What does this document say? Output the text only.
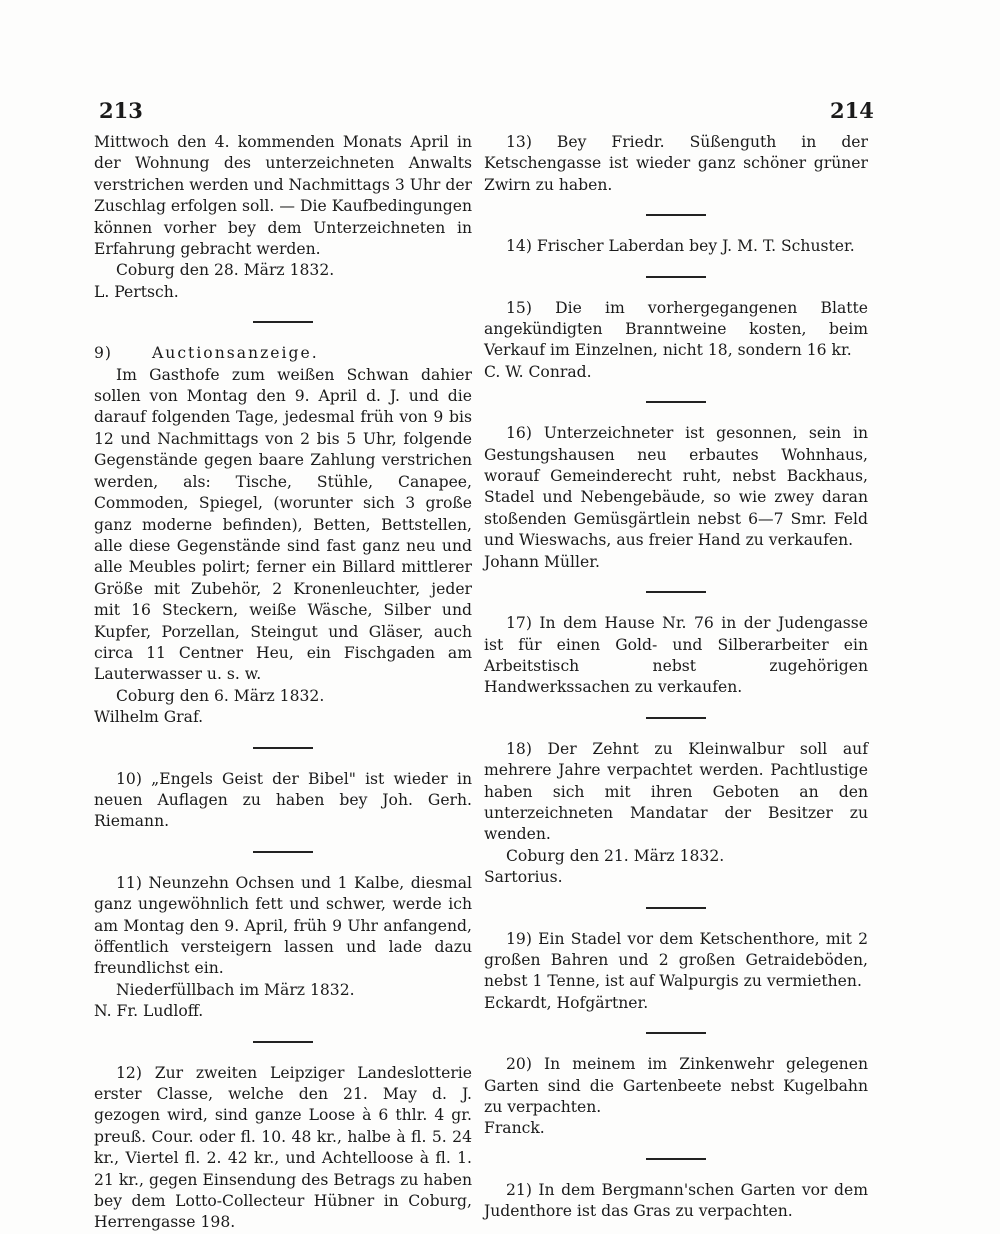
213	214

Mittwoch den 4. kommenden Monats April in der Wohnung des unterzeichneten Anwalts verstrichen werden und Nachmittags 3 Uhr der Zuschlag erfolgen soll. — Die Kaufbedingungen können vorher bey dem Unterzeichneten in Erfahrung gebracht werden.

Coburg den 28. März 1832.

L. Pertsch.

9)	Auctionsanzeige.

Im Gasthofe zum weißen Schwan dahier sollen von Montag den 9. April d. J. und die darauf folgenden Tage, jedesmal früh von 9 bis 12 und Nachmittags von 2 bis 5 Uhr, folgende Gegenstände gegen baare Zahlung verstrichen werden, als: Tische, Stühle, Canapee, Commoden, Spiegel, (worunter sich 3 große ganz moderne befinden), Betten, Bettstellen, alle diese Gegenstände sind fast ganz neu und alle Meubles polirt; ferner ein Billard mittlerer Größe mit Zubehör, 2 Kronenleuchter, jeder mit 16 Steckern, weiße Wäsche, Silber und Kupfer, Porzellan, Steingut und Gläser, auch circa 11 Centner Heu, ein Fischgaden am Lauterwasser u. s. w.

Coburg den 6. März 1832.

Wilhelm Graf.

10) „Engels Geist der Bibel" ist wieder in neuen Auflagen zu haben bey Joh. Gerh. Riemann.

11) Neunzehn Ochsen und 1 Kalbe, diesmal ganz ungewöhnlich fett und schwer, werde ich am Montag den 9. April, früh 9 Uhr anfangend, öffentlich versteigern lassen und lade dazu freundlichst ein.

Niederfüllbach im März 1832.

N. Fr. Ludloff.

12) Zur zweiten Leipziger Landeslotterie erster Classe, welche den 21. May d. J. gezogen wird, sind ganze Loose à 6 thlr. 4 gr. preuß. Cour. oder fl. 10. 48 kr., halbe à fl. 5. 24 kr., Viertel fl. 2. 42 kr., und Achtelloose à fl. 1. 21 kr., gegen Einsendung des Betrags zu haben bey dem Lotto-Collecteur Hübner in Coburg, Herrengasse 198.

13) Bey Friedr. Süßenguth in der Ketschengasse ist wieder ganz schöner grüner Zwirn zu haben.

14) Frischer Laberdan bey J. M. T. Schuster.

15) Die im vorhergegangenen Blatte angekündigten Branntweine kosten, beim Verkauf im Einzelnen, nicht 18, sondern 16 kr.

C. W. Conrad.

16) Unterzeichneter ist gesonnen, sein in Gestungshausen neu erbautes Wohnhaus, worauf Gemeinderecht ruht, nebst Backhaus, Stadel und Nebengebäude, so wie zwey daran stoßenden Gemüsgärtlein nebst 6—7 Smr. Feld und Wieswachs, aus freier Hand zu verkaufen.

Johann Müller.

17) In dem Hause Nr. 76 in der Judengasse ist für einen Gold- und Silberarbeiter ein Arbeitstisch nebst zugehörigen Handwerkssachen zu verkaufen.

18) Der Zehnt zu Kleinwalbur soll auf mehrere Jahre verpachtet werden. Pachtlustige haben sich mit ihren Geboten an den unterzeichneten Mandatar der Besitzer zu wenden.

Coburg den 21. März 1832.

Sartorius.

19) Ein Stadel vor dem Ketschenthore, mit 2 großen Bahren und 2 großen Getraideböden, nebst 1 Tenne, ist auf Walpurgis zu vermiethen.

Eckardt, Hofgärtner.

20) In meinem im Zinkenwehr gelegenen Garten sind die Gartenbeete nebst Kugelbahn zu verpachten.

Franck.

21) In dem Bergmann'schen Garten vor dem Judenthore ist das Gras zu verpachten.
